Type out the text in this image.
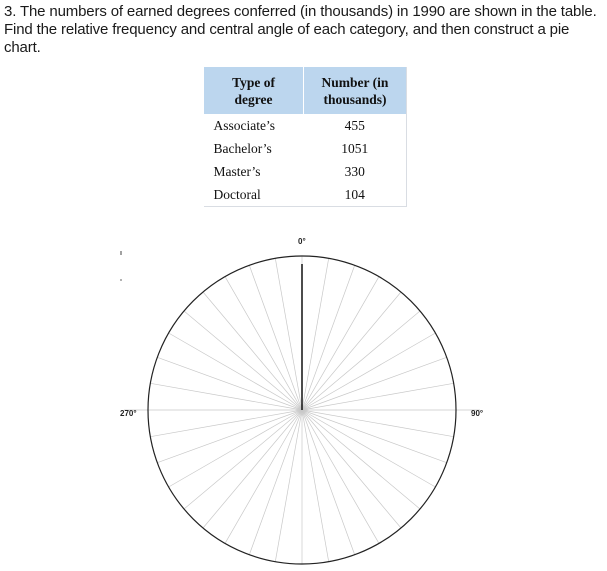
3. The numbers of earned degrees conferred (in thousands) in 1990 are shown in the table. Find the relative frequency and central angle of each category, and then construct a pie chart.

Type of degree	Number (in thousands)
Associate’s	455
Bachelor’s	1051
Master’s	330
Doctoral	104
0°
90°
270°
